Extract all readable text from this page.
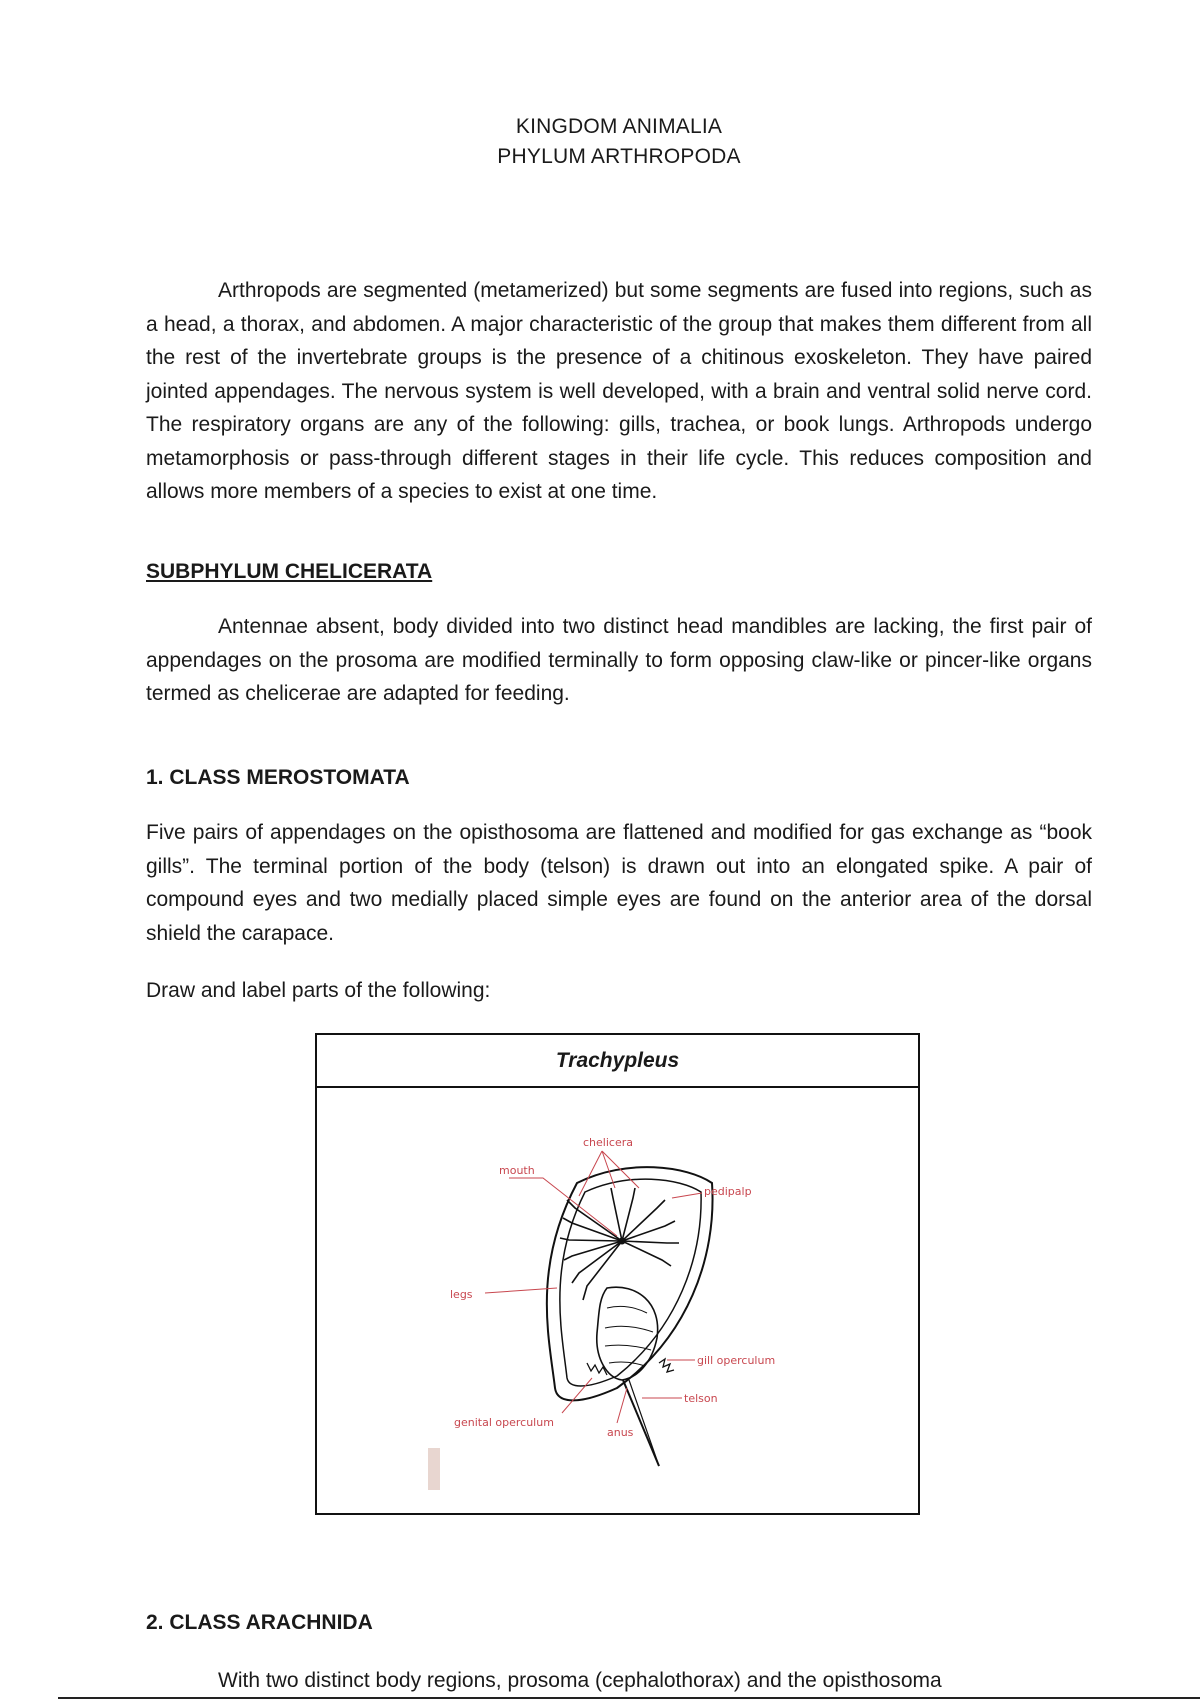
KINGDOM ANIMALIA
PHYLUM ARTHROPODA
Arthropods are segmented (metamerized) but some segments are fused into regions, such as a head, a thorax, and abdomen. A major characteristic of the group that makes them different from all the rest of the invertebrate groups is the presence of a chitinous exoskeleton. They have paired jointed appendages. The nervous system is well developed, with a brain and ventral solid nerve cord. The respiratory organs are any of the following: gills, trachea, or book lungs. Arthropods undergo metamorphosis or pass-through different stages in their life cycle. This reduces composition and allows more members of a species to exist at one time.
SUBPHYLUM CHELICERATA
Antennae absent, body divided into two distinct head mandibles are lacking, the first pair of appendages on the prosoma are modified terminally to form opposing claw-like or pincer-like organs termed as chelicerae are adapted for feeding.
1. CLASS MEROSTOMATA
Five pairs of appendages on the opisthosoma are flattened and modified for gas exchange as “book gills”. The terminal portion of the body (telson) is drawn out into an elongated spike. A pair of compound eyes and two medially placed simple eyes are found on the anterior area of the dorsal shield the carapace.
Draw and label parts of the following:
Trachypleus
chelicera
mouth
pedipalp
legs
gill operculum
telson
genital operculum
anus
2. CLASS ARACHNIDA
With two distinct body regions, prosoma (cephalothorax) and the opisthosoma
